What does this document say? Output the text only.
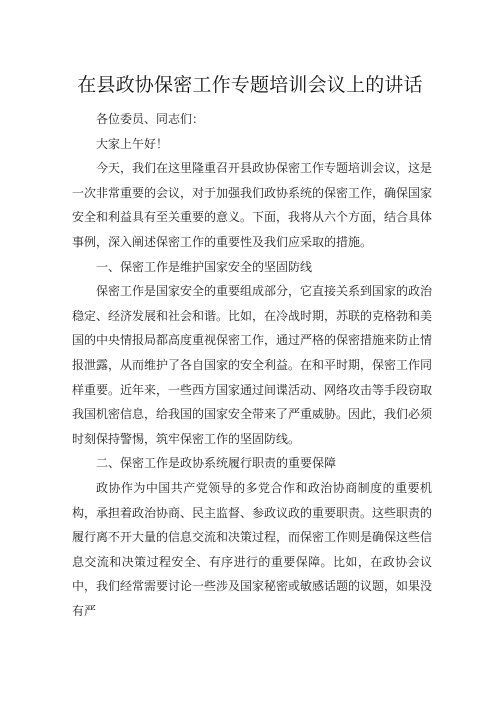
在县政协保密工作专题培训会议上的讲话

各位委员、同志们：

大家上午好！

今天，我们在这里隆重召开县政协保密工作专题培训会议，这是一次非常重要的会议，对于加强我们政协系统的保密工作，确保国家安全和利益具有至关重要的意义。下面，我将从六个方面，结合具体事例，深入阐述保密工作的重要性及我们应采取的措施。

一、保密工作是维护国家安全的坚固防线

保密工作是国家安全的重要组成部分，它直接关系到国家的政治稳定、经济发展和社会和谐。比如，在冷战时期，苏联的克格勃和美国的中央情报局都高度重视保密工作，通过严格的保密措施来防止情报泄露，从而维护了各自国家的安全利益。在和平时期，保密工作同样重要。近年来，一些西方国家通过间谍活动、网络攻击等手段窃取我国机密信息，给我国的国家安全带来了严重威胁。因此，我们必须时刻保持警惕，筑牢保密工作的坚固防线。

二、保密工作是政协系统履行职责的重要保障

政协作为中国共产党领导的多党合作和政治协商制度的重要机构，承担着政治协商、民主监督、参政议政的重要职责。这些职责的履行离不开大量的信息交流和决策过程，而保密工作则是确保这些信息交流和决策过程安全、有序进行的重要保障。比如，在政协会议中，我们经常需要讨论一些涉及国家秘密或敏感话题的议题，如果没有严
